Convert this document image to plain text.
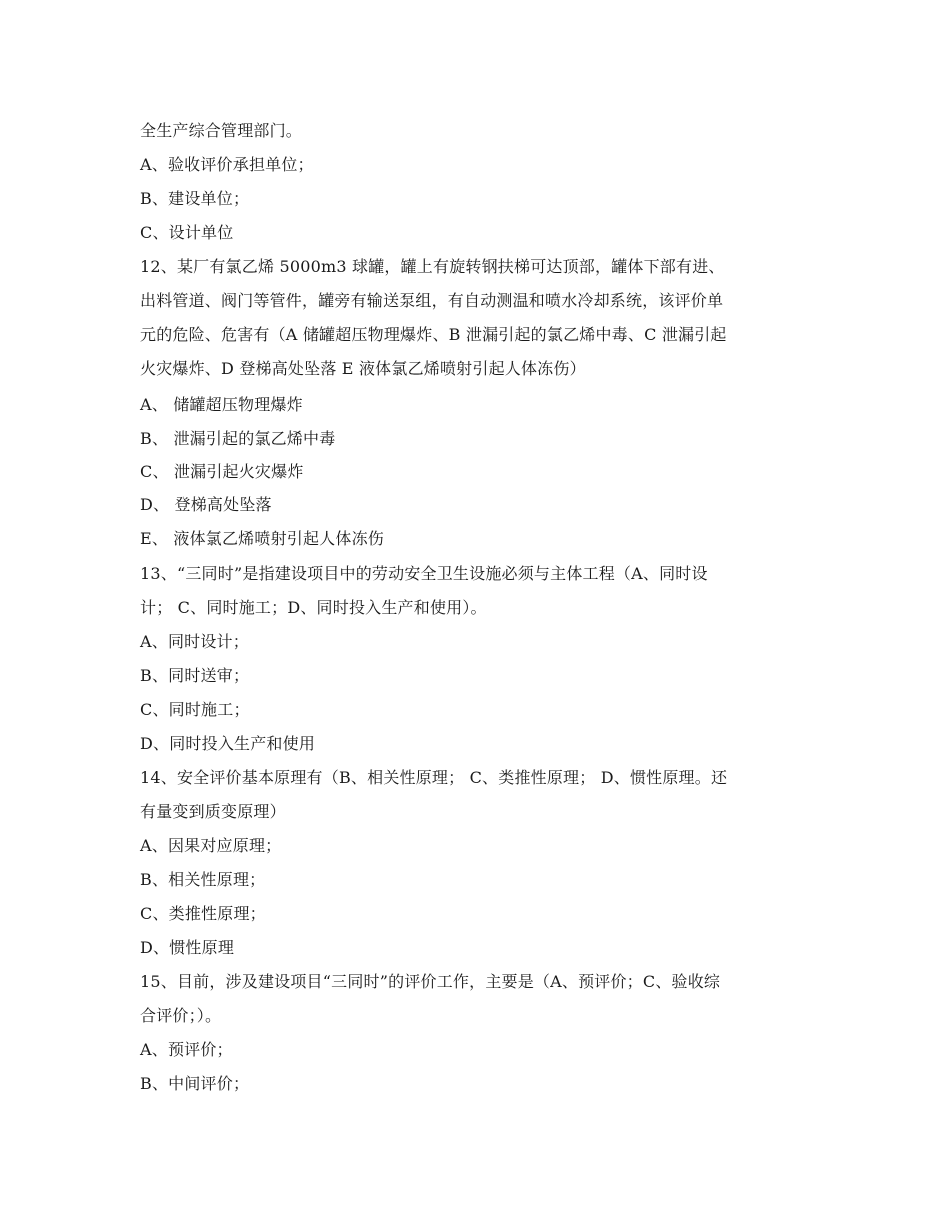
全生产综合管理部门。
A、验收评价承担单位；
B、建设单位；
C、设计单位
12、某厂有氯乙烯 5000m3 球罐，罐上有旋转钢扶梯可达顶部，罐体下部有进、
出料管道、阀门等管件，罐旁有输送泵组，有自动测温和喷水冷却系统，该评价单
元的危险、危害有（A 储罐超压物理爆炸、B 泄漏引起的氯乙烯中毒、C 泄漏引起
火灾爆炸、D 登梯高处坠落 E 液体氯乙烯喷射引起人体冻伤）
A、 储罐超压物理爆炸
B、 泄漏引起的氯乙烯中毒
C、 泄漏引起火灾爆炸
D、 登梯高处坠落
E、 液体氯乙烯喷射引起人体冻伤
13、“三同时”是指建设项目中的劳动安全卫生设施必须与主体工程（A、同时设
计； C、同时施工；D、同时投入生产和使用）。
A、同时设计；
B、同时送审；
C、同时施工；
D、同时投入生产和使用
14、安全评价基本原理有（B、相关性原理； C、类推性原理； D、惯性原理。还
有量变到质变原理）
A、因果对应原理；
B、相关性原理；
C、类推性原理；
D、惯性原理
15、目前，涉及建设项目“三同时”的评价工作，主要是（A、预评价；C、验收综
合评价；）。
A、预评价；
B、中间评价；
